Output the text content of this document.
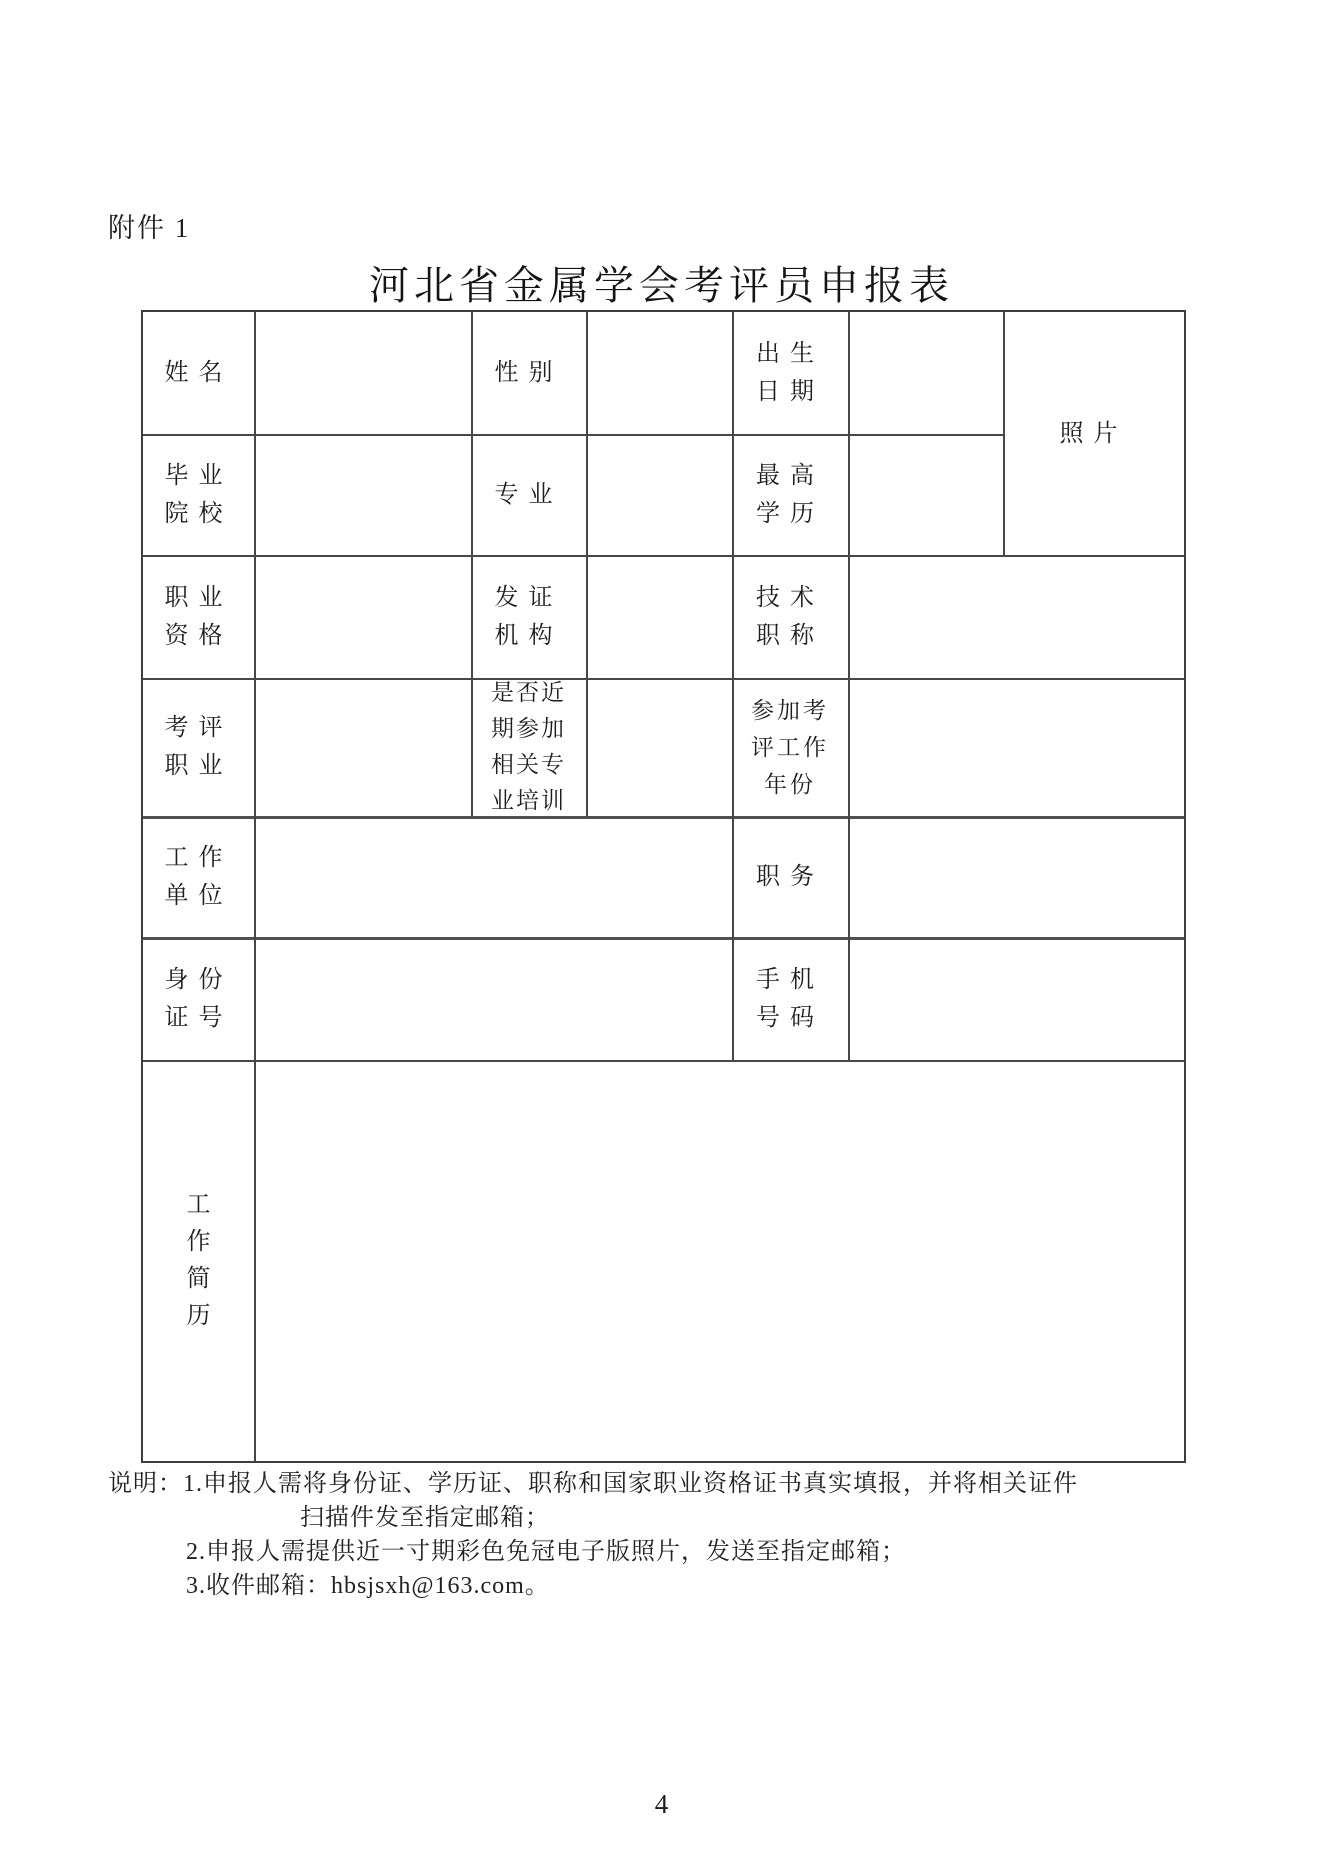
附件 1
河北省金属学会考评员申报表
姓名	性别
出生日期
照片
毕业院校
专业
最高学历
职业资格
发证机构
技术职称
考评职业
是否近期参加相关专业培训
参加考评工作年份
工作单位
职务
身份证号
手机号码
工作简历
说明：1.申报人需将身份证、学历证、职称和国家职业资格证书真实填报，并将相关证件
扫描件发至指定邮箱；
2.申报人需提供近一寸期彩色免冠电子版照片，发送至指定邮箱；
3.收件邮箱：hbsjsxh@163.com。
4
